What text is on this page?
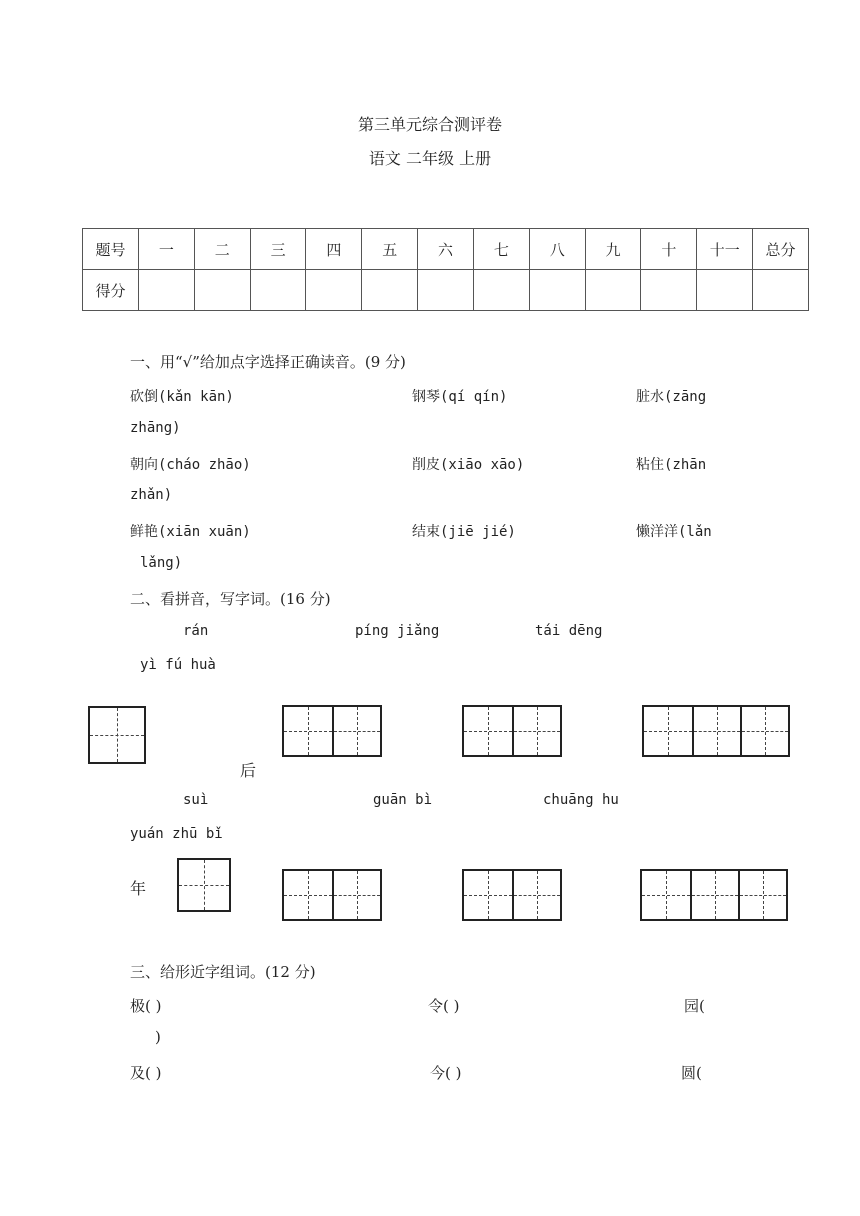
第三单元综合测评卷
语文 二年级 上册
题号	一	二	三	四	五	六	七	八	九	十	十一	总分
得分												
一、用“√”给加点字选择正确读音。(9 分)
砍倒(kǎn kān)	钢琴(qí qín)	脏水(zāng
zhāng)
朝向(cháo zhāo)	削皮(xiāo xāo)	粘住(zhān
zhǎn)
鲜艳(xiān xuān)	结束(jiē jié)	懒洋洋(lǎn
lǎng)
二、看拼音，写字词。(16 分)
rán	píng jiǎng	tái dēng
yì fú huà
后
suì	guān bì	chuāng hu
yuán zhū bǐ
年
三、给形近字组词。(12 分)
极( )	令( )	园(
)
及( )	今( )	圆(
